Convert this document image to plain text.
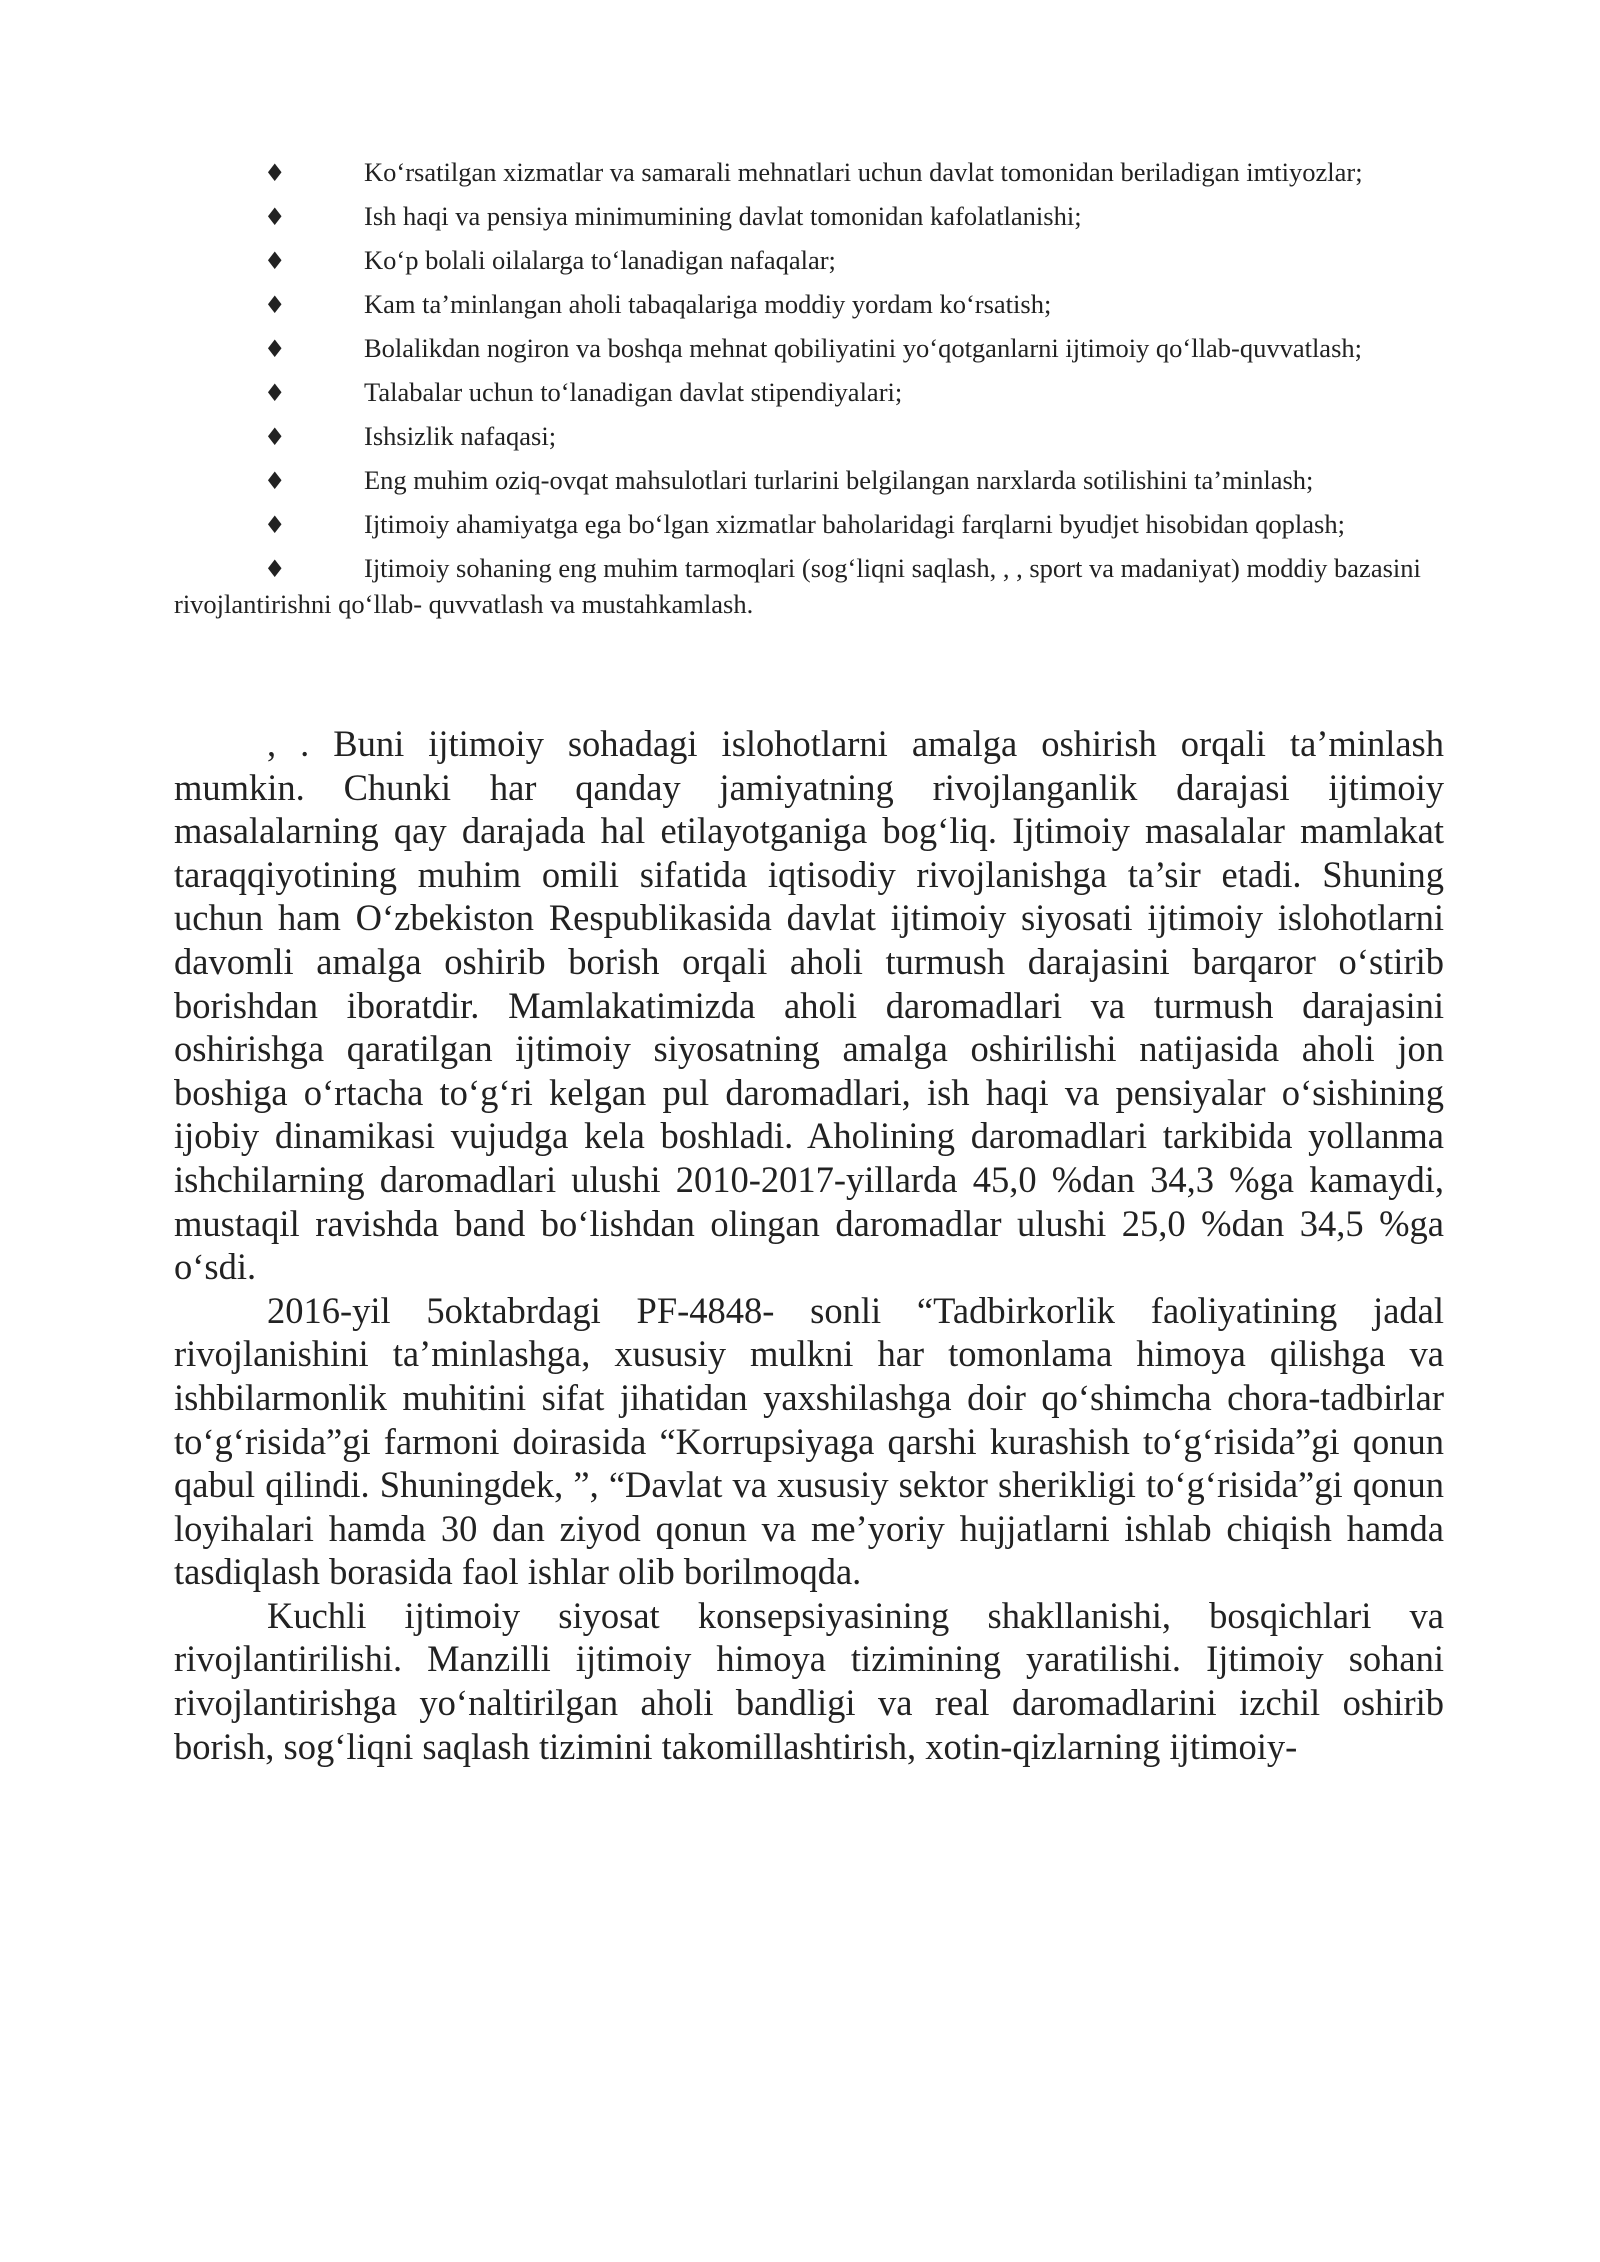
♦	Ko‘rsatilgan xizmatlar va samarali mehnatlari uchun davlat tomonidan beriladigan imtiyozlar;
♦	Ish haqi va pensiya minimumining davlat tomonidan kafolatlanishi;
♦	Ko‘p bolali oilalarga to‘lanadigan nafaqalar;
♦	Kam ta’minlangan aholi tabaqalariga moddiy yordam ko‘rsatish;
♦	Bolalikdan nogiron va boshqa mehnat qobiliyatini yo‘qotganlarni ijtimoiy qo‘llab-quvvatlash;
♦	Talabalar uchun to‘lanadigan davlat stipendiyalari;
♦	Ishsizlik nafaqasi;
♦	Eng muhim oziq-ovqat mahsulotlari turlarini belgilangan narxlarda sotilishini ta’minlash;
♦	Ijtimoiy ahamiyatga ega bo‘lgan xizmatlar baholaridagi farqlarni byudjet hisobidan qoplash;
♦	Ijtimoiy sohaning eng muhim tarmoqlari (sog‘liqni saqlash, , , sport va madaniyat) moddiy bazasini rivojlantirishni qo‘llab- quvvatlash va mustahkamlash.

, . Buni ijtimoiy sohadagi islohotlarni amalga oshirish orqali ta’minlash mumkin. Chunki har qanday jamiyatning rivojlanganlik darajasi ijtimoiy masalalarning qay darajada hal etilayotganiga bog‘liq. Ijtimoiy masalalar mamlakat taraqqiyotining muhim omili sifatida iqtisodiy rivojlanishga ta’sir etadi. Shuning uchun ham O‘zbekiston Respublikasida davlat ijtimoiy siyosati ijtimoiy islohotlarni davomli amalga oshirib borish orqali aholi turmush darajasini barqaror o‘stirib borishdan iboratdir. Mamlakatimizda aholi daromadlari va turmush darajasini oshirishga qaratilgan ijtimoiy siyosatning amalga oshirilishi natijasida aholi jon boshiga o‘rtacha to‘g‘ri kelgan pul daromadlari, ish haqi va pensiyalar o‘sishining ijobiy dinamikasi vujudga kela boshladi. Aholining daromadlari tarkibida yollanma ishchilarning daromadlari ulushi 2010-2017-yillarda 45,0 %dan 34,3 %ga kamaydi, mustaqil ravishda band bo‘lishdan olingan daromadlar ulushi 25,0 %dan 34,5 %ga o‘sdi.

2016-yil 5oktabrdagi PF-4848- sonli “Tadbirkorlik faoliyatining jadal rivojlanishini ta’minlashga, xususiy mulkni har tomonlama himoya qilishga va ishbilarmonlik muhitini sifat jihatidan yaxshilashga doir qo‘shimcha chora-tadbirlar to‘g‘risida”gi farmoni doirasida “Korrupsiyaga qarshi kurashish to‘g‘risida”gi qonun qabul qilindi. Shuningdek, ”, “Davlat va xususiy sektor sherikligi to‘g‘risida”gi qonun loyihalari hamda 30 dan ziyod qonun va me’yoriy hujjatlarni ishlab chiqish hamda tasdiqlash borasida faol ishlar olib borilmoqda.

Kuchli ijtimoiy siyosat konsepsiyasining shakllanishi, bosqichlari va rivojlantirilishi. Manzilli ijtimoiy himoya tizimining yaratilishi. Ijtimoiy sohani rivojlantirishga yo‘naltirilgan aholi bandligi va real daromadlarini izchil oshirib borish, sog‘liqni saqlash tizimini takomillashtirish, xotin-qizlarning ijtimoiy-
